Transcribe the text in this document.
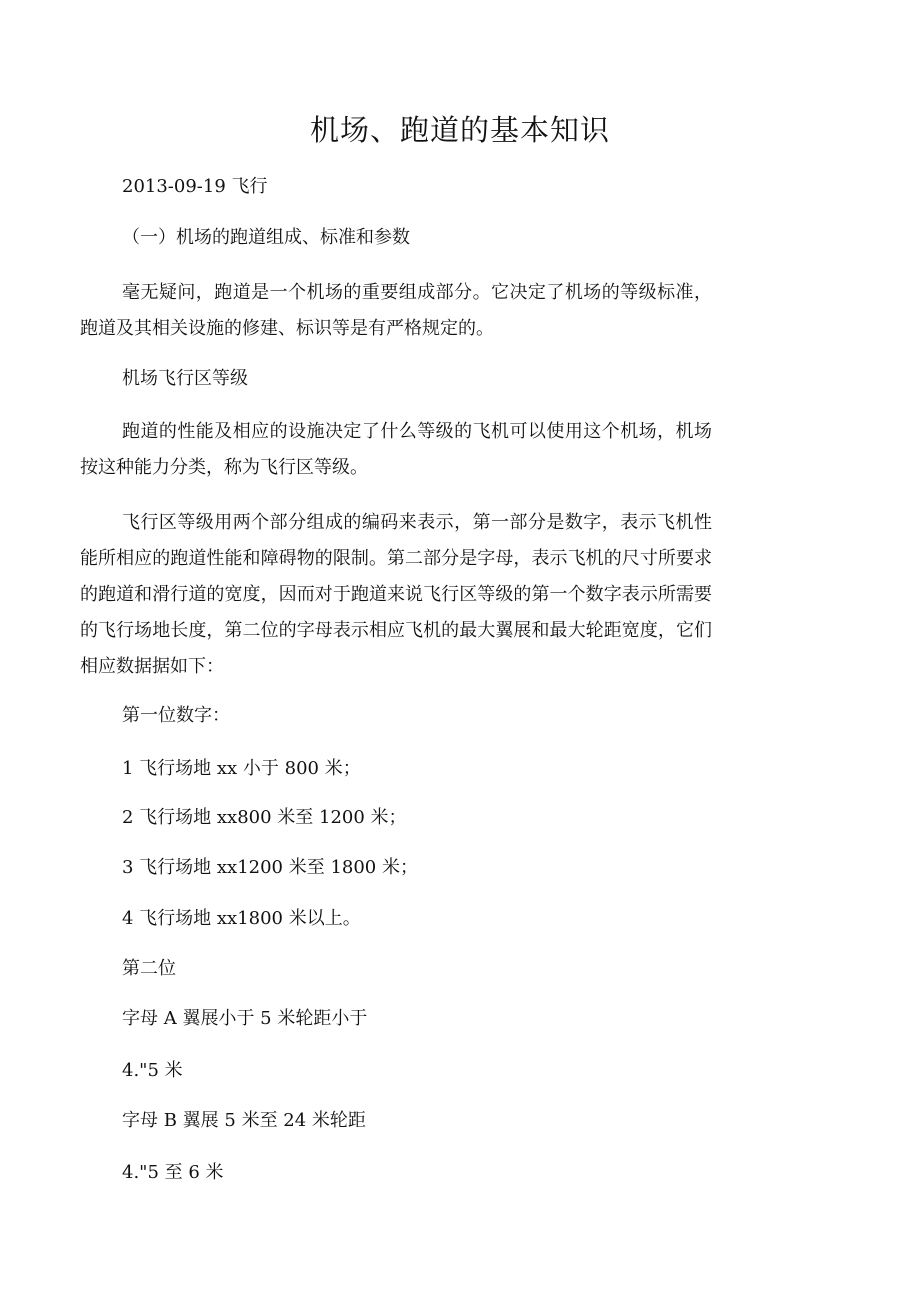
机场、跑道的基本知识

2013-09-19 飞行

（一）机场的跑道组成、标准和参数

毫无疑问，跑道是一个机场的重要组成部分。它决定了机场的等级标准，跑道及其相关设施的修建、标识等是有严格规定的。

机场飞行区等级

跑道的性能及相应的设施决定了什么等级的飞机可以使用这个机场，机场按这种能力分类，称为飞行区等级。

飞行区等级用两个部分组成的编码来表示，第一部分是数字，表示飞机性能所相应的跑道性能和障碍物的限制。第二部分是字母，表示飞机的尺寸所要求的跑道和滑行道的宽度，因而对于跑道来说飞行区等级的第一个数字表示所需要的飞行场地长度，第二位的字母表示相应飞机的最大翼展和最大轮距宽度，它们相应数据据如下：

第一位数字：

1 飞行场地 xx 小于 800 米；

2 飞行场地 xx800 米至 1200 米；

3 飞行场地 xx1200 米至 1800 米；

4 飞行场地 xx1800 米以上。

第二位

字母 A 翼展小于 5 米轮距小于

4."5 米

字母 B 翼展 5 米至 24 米轮距

4."5 至 6 米
